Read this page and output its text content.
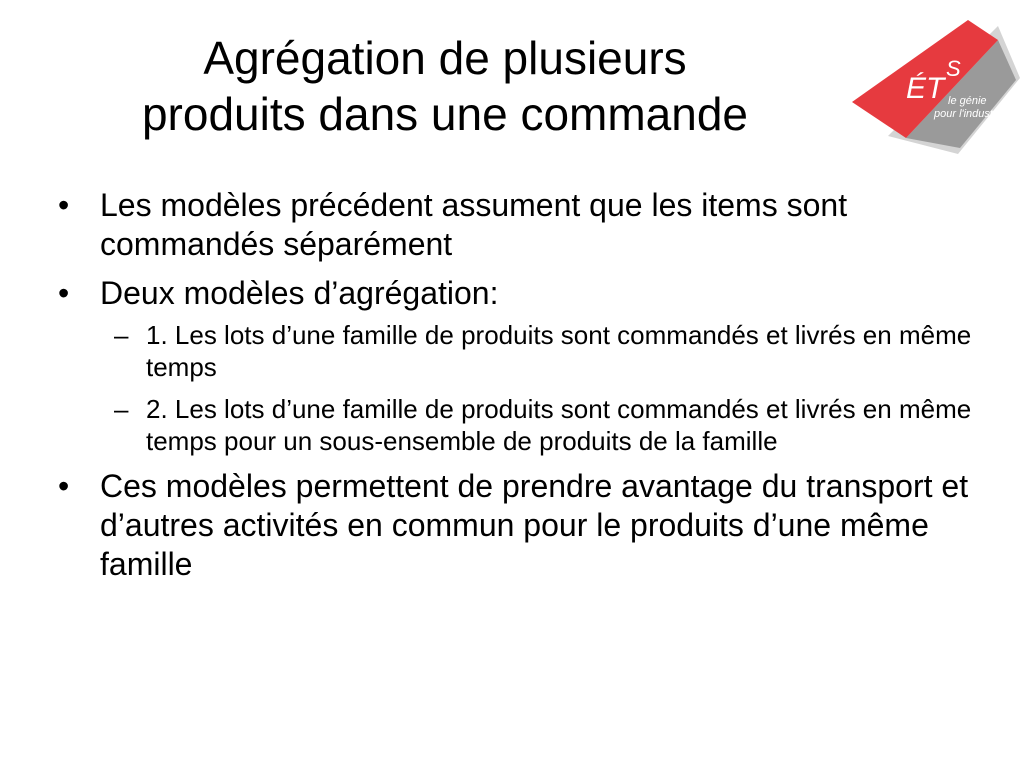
Agrégation de plusieurs
produits dans une commande	ÉT
S
le génie
pour l'industrie
• Les modèles précédent assument que les items sont commandés séparément
• Deux modèles d’agrégation:
– 1. Les lots d’une famille de produits sont commandés et livrés en même temps
– 2. Les lots d’une famille de produits sont commandés et livrés en même temps pour un sous-ensemble de produits de la famille
• Ces modèles permettent de prendre avantage du transport et d’autres activités en commun pour le produits d’une même famille
